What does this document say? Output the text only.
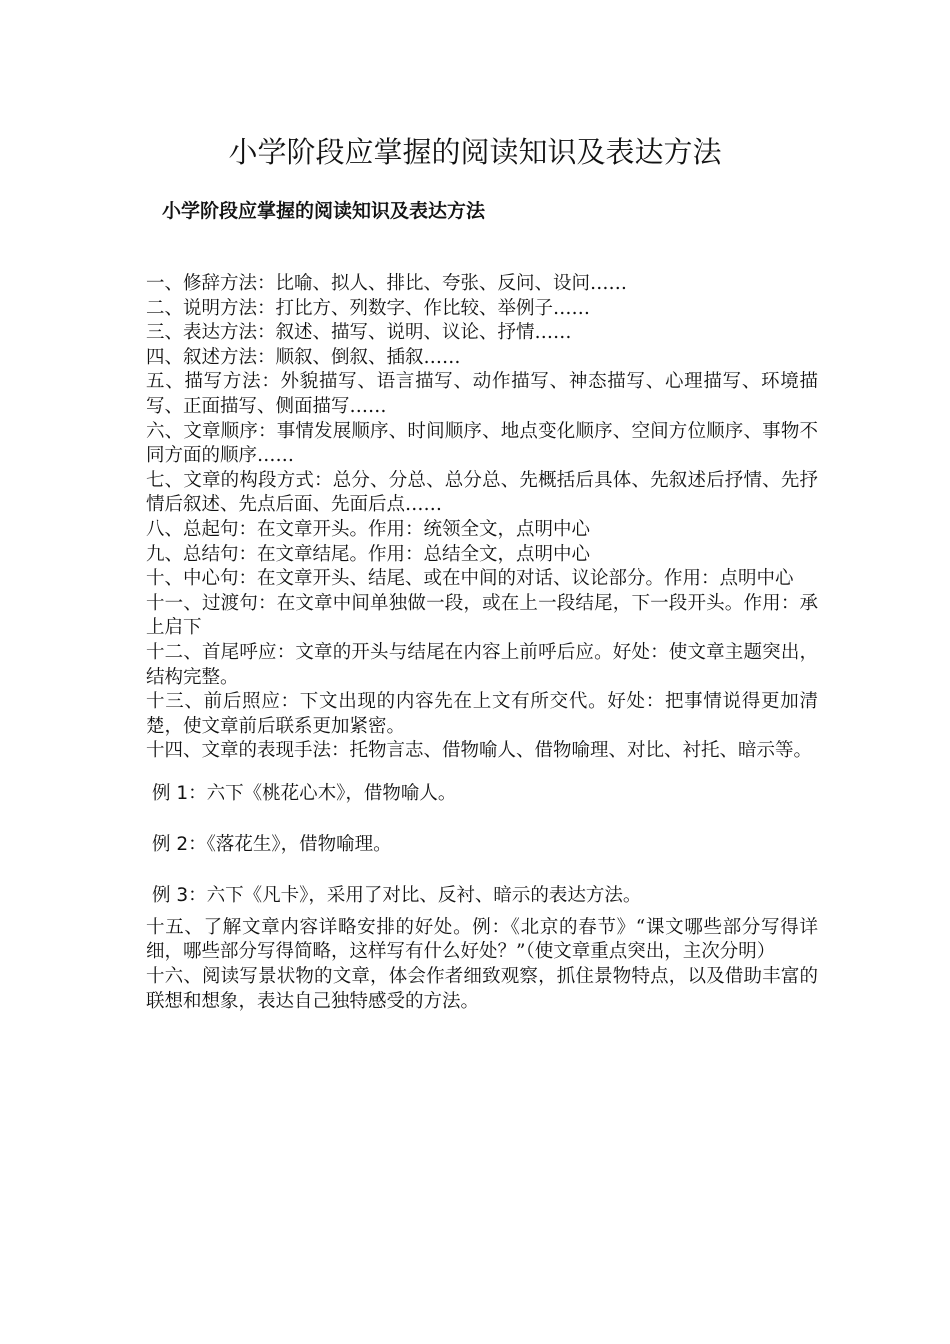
小学阶段应掌握的阅读知识及表达方法
小学阶段应掌握的阅读知识及表达方法

一、修辞方法：比喻、拟人、排比、夸张、反问、设问……

二、说明方法：打比方、列数字、作比较、举例子……

三、表达方法：叙述、描写、说明、议论、抒情……

四、叙述方法：顺叙、倒叙、插叙……

五、描写方法：外貌描写、语言描写、动作描写、神态描写、心理描写、环境描写、正面描写、侧面描写……

六、文章顺序：事情发展顺序、时间顺序、地点变化顺序、空间方位顺序、事物不同方面的顺序……

七、文章的构段方式：总分、分总、总分总、先概括后具体、先叙述后抒情、先抒情后叙述、先点后面、先面后点……

八、总起句：在文章开头。作用：统领全文，点明中心

九、总结句：在文章结尾。作用：总结全文，点明中心

十、中心句：在文章开头、结尾、或在中间的对话、议论部分。作用：点明中心

十一、过渡句：在文章中间单独做一段，或在上一段结尾，下一段开头。作用：承上启下

十二、首尾呼应：文章的开头与结尾在内容上前呼后应。好处：使文章主题突出，结构完整。

十三、前后照应：下文出现的内容先在上文有所交代。好处：把事情说得更加清楚，使文章前后联系更加紧密。

十四、文章的表现手法：托物言志、借物喻人、借物喻理、对比、衬托、暗示等。

例 1：六下《桃花心木》，借物喻人。

例 2：《落花生》，借物喻理。

例 3：六下《凡卡》，采用了对比、反衬、暗示的表达方法。

十五、了解文章内容详略安排的好处。例：《北京的春节》“课文哪些部分写得详细，哪些部分写得简略，这样写有什么好处？”（使文章重点突出，主次分明）

十六、阅读写景状物的文章，体会作者细致观察，抓住景物特点，以及借助丰富的联想和想象，表达自己独特感受的方法。
